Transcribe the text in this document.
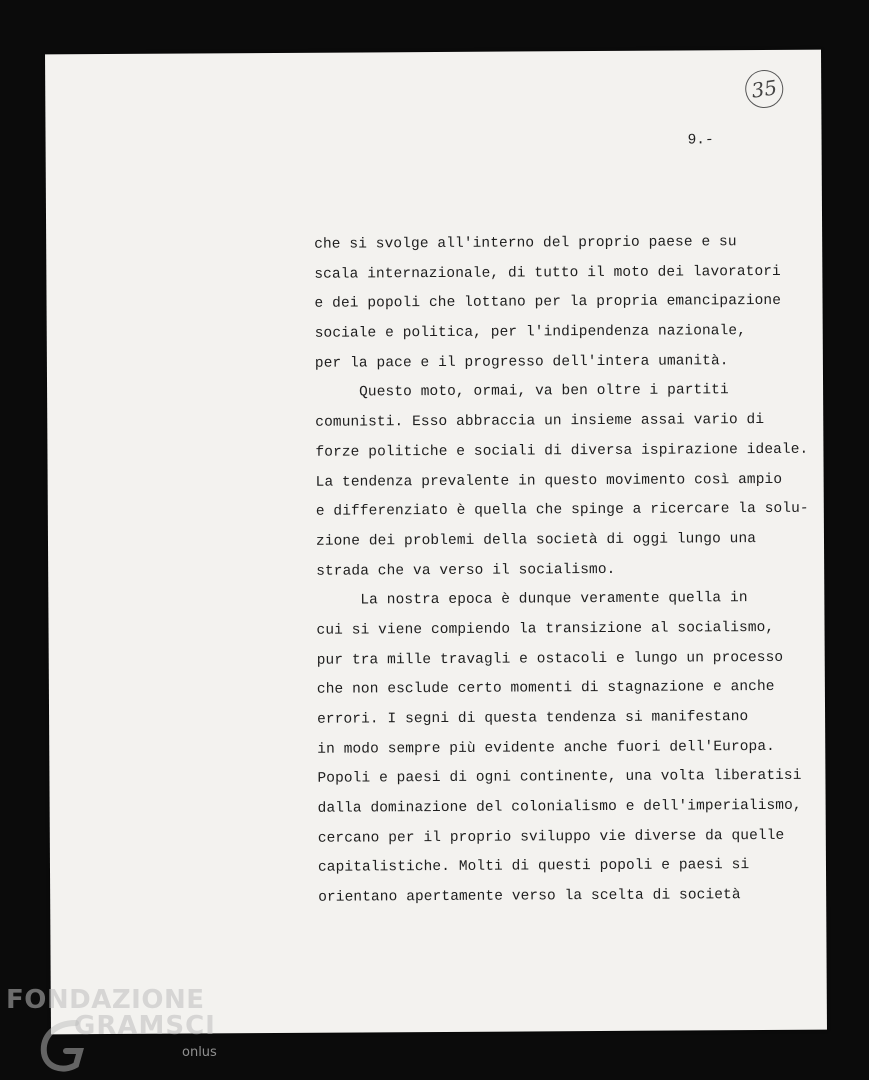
35
9.-
che si svolge all'interno del proprio paese e su
scala internazionale, di tutto il moto dei lavoratori
e dei popoli che lottano per la propria emancipazione
sociale e politica, per l'indipendenza nazionale,
per la pace e il progresso dell'intera umanità.
Questo moto, ormai, va ben oltre i partiti
comunisti. Esso abbraccia un insieme assai vario di
forze politiche e sociali di diversa ispirazione ideale.
La tendenza prevalente in questo movimento così ampio
e differenziato è quella che spinge a ricercare la solu-
zione dei problemi della società di oggi lungo una
strada che va verso il socialismo.
La nostra epoca è dunque veramente quella in
cui si viene compiendo la transizione al socialismo,
pur tra mille travagli e ostacoli e lungo un processo
che non esclude certo momenti di stagnazione e anche
errori. I segni di questa tendenza si manifestano
in modo sempre più evidente anche fuori dell'Europa.
Popoli e paesi di ogni continente, una volta liberatisi
dalla dominazione del colonialismo e dell'imperialismo,
cercano per il proprio sviluppo vie diverse da quelle
capitalistiche. Molti di questi popoli e paesi si
orientano apertamente verso la scelta di società
FONDAZIONE
GRAMSCI
onlus
